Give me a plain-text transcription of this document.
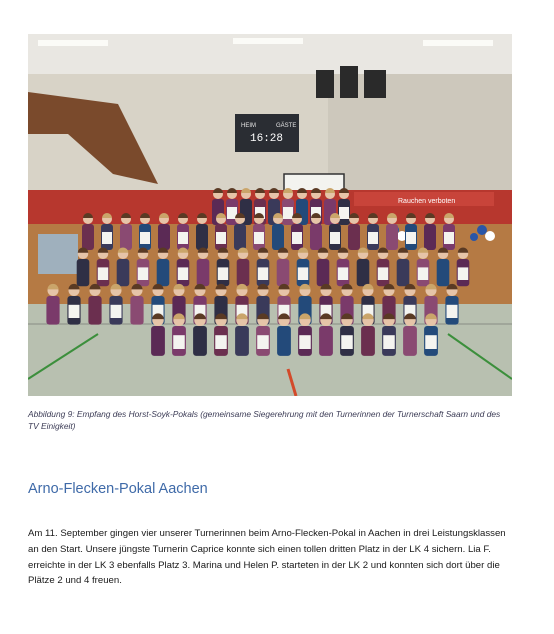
HEIM	GÄSTE
16:28
Rauchen verboten
Abbildung 9: Empfang des Horst-Soyk-Pokals (gemeinsame Siegerehrung mit den Turnerinnen der Turnerschaft Saarn und des TV Einigkeit)
Arno-Flecken-Pokal Aachen
Am 11. September gingen vier unserer Turnerinnen beim Arno-Flecken-Pokal in Aachen in drei Leistungsklassen an den Start. Unsere jüngste Turnerin Caprice konnte sich einen tollen dritten Platz in der LK 4 sichern. Lia F. erreichte in der LK 3 ebenfalls Platz 3. Marina und Helen P. starteten in der LK 2 und konnten sich dort über die Plätze 2 und 4 freuen.
